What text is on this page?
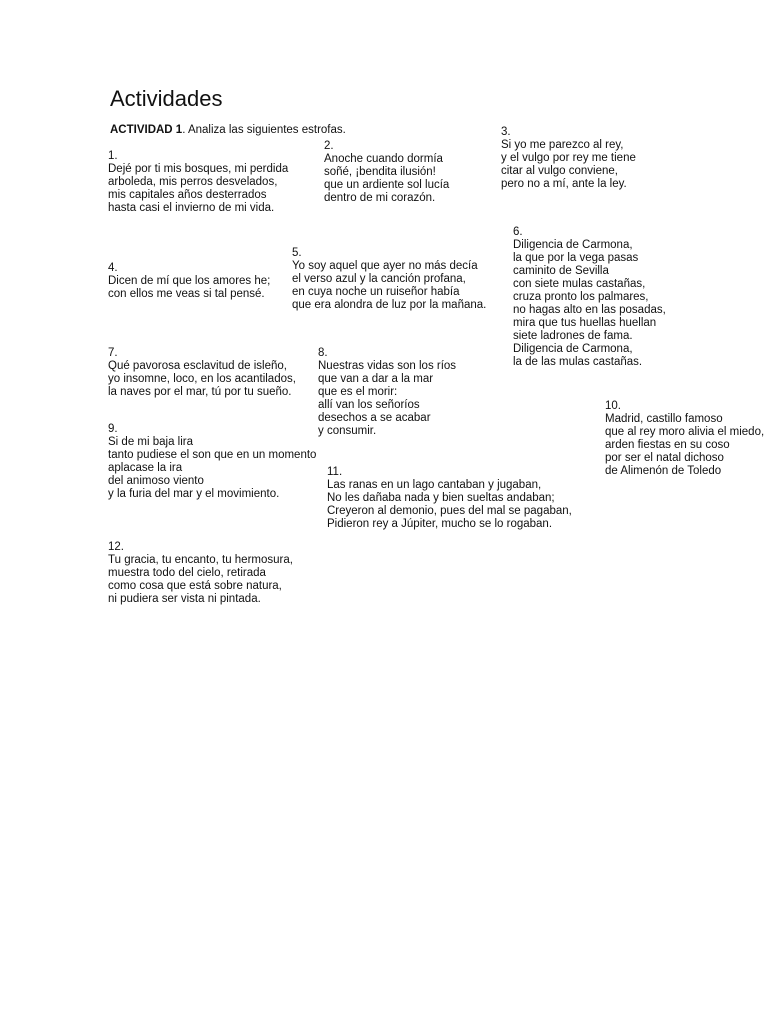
Actividades
ACTIVIDAD 1. Analiza las siguientes estrofas.
1.
Dejé por ti mis bosques, mi perdida
arboleda, mis perros desvelados,
mis capitales años desterrados
hasta casi el invierno de mi vida.
2.
Anoche cuando dormía
soñé, ¡bendita ilusión!
que un ardiente sol lucía
dentro de mi corazón.
3.
Si yo me parezco al rey,
y el vulgo por rey me tiene
citar al vulgo conviene,
pero no a mí, ante la ley.
4.
Dicen de mí que los amores he;
con ellos me veas si tal pensé.
5.
Yo soy aquel que ayer no más decía
el verso azul y la canción profana,
en cuya noche un ruiseñor había
que era alondra de luz por la mañana.
6.
Diligencia de Carmona,
la que por la vega pasas
caminito de Sevilla
con siete mulas castañas,
cruza pronto los palmares,
no hagas alto en las posadas,
mira que tus huellas huellan
siete ladrones de fama.
Diligencia de Carmona,
la de las mulas castañas.
7.
Qué pavorosa esclavitud de isleño,
yo insomne, loco, en los acantilados,
la naves por el mar, tú por tu sueño.
8.
Nuestras vidas son los ríos
que van a dar a la mar
que es el morir:
allí van los señoríos
desechos a se acabar
y consumir.
9.
Si de mi baja lira
tanto pudiese el son que en un momento
aplacase la ira
del animoso viento
y la furia del mar y el movimiento.
10.
Madrid, castillo famoso
que al rey moro alivia el miedo,
arden fiestas en su coso
por ser el natal dichoso
de Alimenón de Toledo
11.
Las ranas en un lago cantaban y jugaban,
No les dañaba nada y bien sueltas andaban;
Creyeron al demonio, pues del mal se pagaban,
Pidieron rey a Júpiter, mucho se lo rogaban.
12.
Tu gracia, tu encanto, tu hermosura,
muestra todo del cielo, retirada
como cosa que está sobre natura,
ni pudiera ser vista ni pintada.
